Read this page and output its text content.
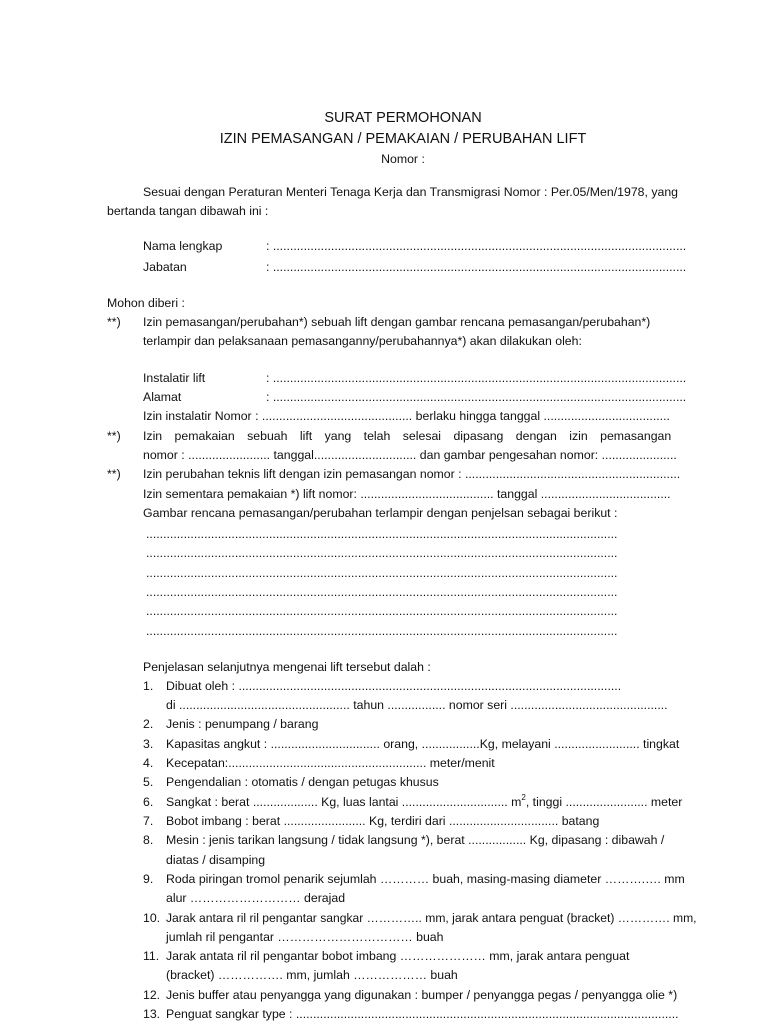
SURAT PERMOHONAN
IZIN PEMASANGAN / PEMAKAIAN / PERUBAHAN LIFT
Nomor :
Sesuai dengan Peraturan Menteri Tenaga Kerja dan Transmigrasi Nomor : Per.05/Men/1978, yang
bertanda tangan dibawah ini :
Nama lengkap	: .........................................................................................................................
Jabatan	: .........................................................................................................................
Mohon diberi :
**) Izin pemasangan/perubahan*) sebuah lift dengan gambar rencana pemasangan/perubahan*)
terlampir dan pelaksanaan pemasanganny/perubahannya*) akan dilakukan oleh:
Instalatir lift	: .........................................................................................................................
Alamat	: .........................................................................................................................
Izin instalatir Nomor : ............................................ berlaku hingga tanggal .....................................
**) Izin pemakaian sebuah lift yang telah selesai dipasang dengan izin pemasangan
nomor : ........................ tanggal.............................. dan gambar pengesahan nomor: ......................
**) Izin perubahan teknis lift dengan izin pemasangan nomor : ...............................................................
Izin sementara pemakaian *) lift nomor: ....................................... tanggal ......................................
Gambar rencana pemasangan/perubahan terlampir dengan penjelsan sebagai berikut :
..........................................................................................................................................
..........................................................................................................................................
..........................................................................................................................................
..........................................................................................................................................
..........................................................................................................................................
..........................................................................................................................................
Penjelasan selanjutnya mengenai lift tersebut dalah :
1. Dibuat oleh : ................................................................................................................
di .................................................. tahun ................. nomor seri ..............................................
2. Jenis : penumpang / barang
3. Kapasitas angkut : ................................ orang, .................Kg, melayani ......................... tingkat
4. Kecepatan:.......................................................... meter/menit
5. Pengendalian : otomatis / dengan petugas khusus
6. Sangkat : berat ................... Kg, luas lantai ............................... $m^2$, tinggi ........................ meter
7. Bobot imbang : berat ........................ Kg, terdiri dari ................................ batang
8. Mesin : jenis tarikan langsung / tidak langsung *), berat ................. Kg, dipasang : dibawah /
diatas / disamping
9. Roda piringan tromol penarik sejumlah ………… buah, masing-masing diameter ……….…. mm
alur ……………………… derajad
10. Jarak antara ril ril pengantar sangkar ………….. mm, jarak antara penguat (bracket) …………. mm,
jumlah ril pengantar …………………………… buah
11. Jarak antata ril ril pengantar bobot imbang ………………… mm, jarak antara penguat
(bracket) ……………. mm, jumlah ……………… buah
12. Jenis buffer atau penyangga yang digunakan : bumper / penyangga pegas / penyangga olie *)
13. Penguat sangkar type : ................................................................................................................
